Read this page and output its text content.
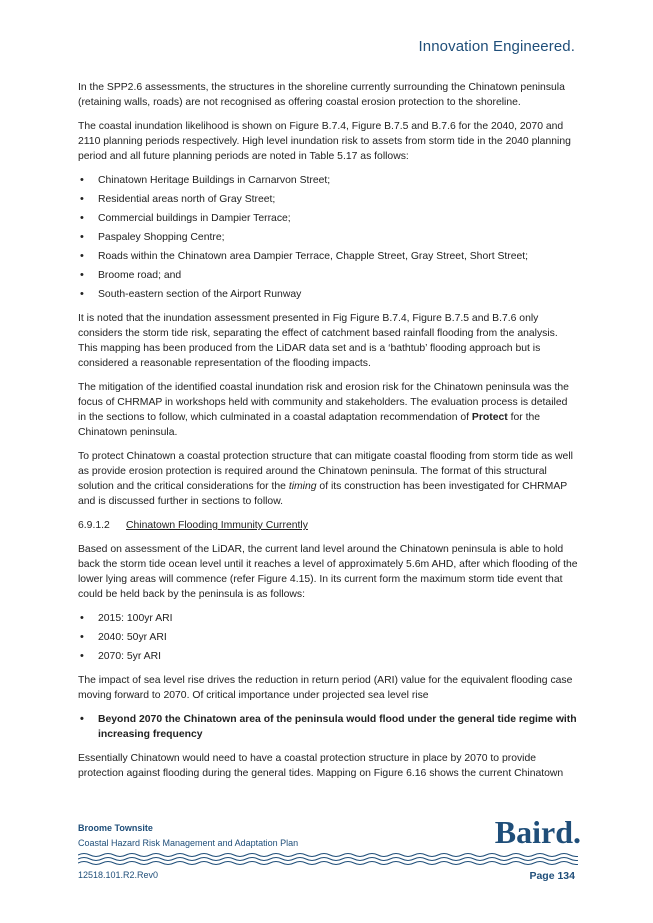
Innovation Engineered.

In the SPP2.6 assessments, the structures in the shoreline currently surrounding the Chinatown peninsula (retaining walls, roads) are not recognised as offering coastal erosion protection to the shoreline.

The coastal inundation likelihood is shown on Figure B.7.4, Figure B.7.5 and B.7.6 for the 2040, 2070 and 2110 planning periods respectively. High level inundation risk to assets from storm tide in the 2040 planning period and all future planning periods are noted in Table 5.17 as follows:

• Chinatown Heritage Buildings in Carnarvon Street;
• Residential areas north of Gray Street;
• Commercial buildings in Dampier Terrace;
• Paspaley Shopping Centre;
• Roads within the Chinatown area Dampier Terrace, Chapple Street, Gray Street, Short Street;
• Broome road; and
• South-eastern section of the Airport Runway

It is noted that the inundation assessment presented in Fig Figure B.7.4, Figure B.7.5 and B.7.6 only considers the storm tide risk, separating the effect of catchment based rainfall flooding from the analysis. This mapping has been produced from the LiDAR data set and is a ‘bathtub’ flooding approach but is considered a reasonable representation of the flooding impacts.

The mitigation of the identified coastal inundation risk and erosion risk for the Chinatown peninsula was the focus of CHRMAP in workshops held with community and stakeholders. The evaluation process is detailed in the sections to follow, which culminated in a coastal adaptation recommendation of Protect for the Chinatown peninsula.

To protect Chinatown a coastal protection structure that can mitigate coastal flooding from storm tide as well as provide erosion protection is required around the Chinatown peninsula. The format of this structural solution and the critical considerations for the timing of its construction has been investigated for CHRMAP and is discussed further in sections to follow.

6.9.1.2 Chinatown Flooding Immunity Currently

Based on assessment of the LiDAR, the current land level around the Chinatown peninsula is able to hold back the storm tide ocean level until it reaches a level of approximately 5.6m AHD, after which flooding of the lower lying areas will commence (refer Figure 4.15). In its current form the maximum storm tide event that could be held back by the peninsula is as follows:

• 2015: 100yr ARI
• 2040: 50yr ARI
• 2070: 5yr ARI

The impact of sea level rise drives the reduction in return period (ARI) value for the equivalent flooding case moving forward to 2070. Of critical importance under projected sea level rise

• Beyond 2070 the Chinatown area of the peninsula would flood under the general tide regime with increasing frequency

Essentially Chinatown would need to have a coastal protection structure in place by 2070 to provide protection against flooding during the general tides. Mapping on Figure 6.16 shows the current Chinatown

Broome Townsite
Coastal Hazard Risk Management and Adaptation Plan	Baird.
12518.101.R2.Rev0	Page 134
